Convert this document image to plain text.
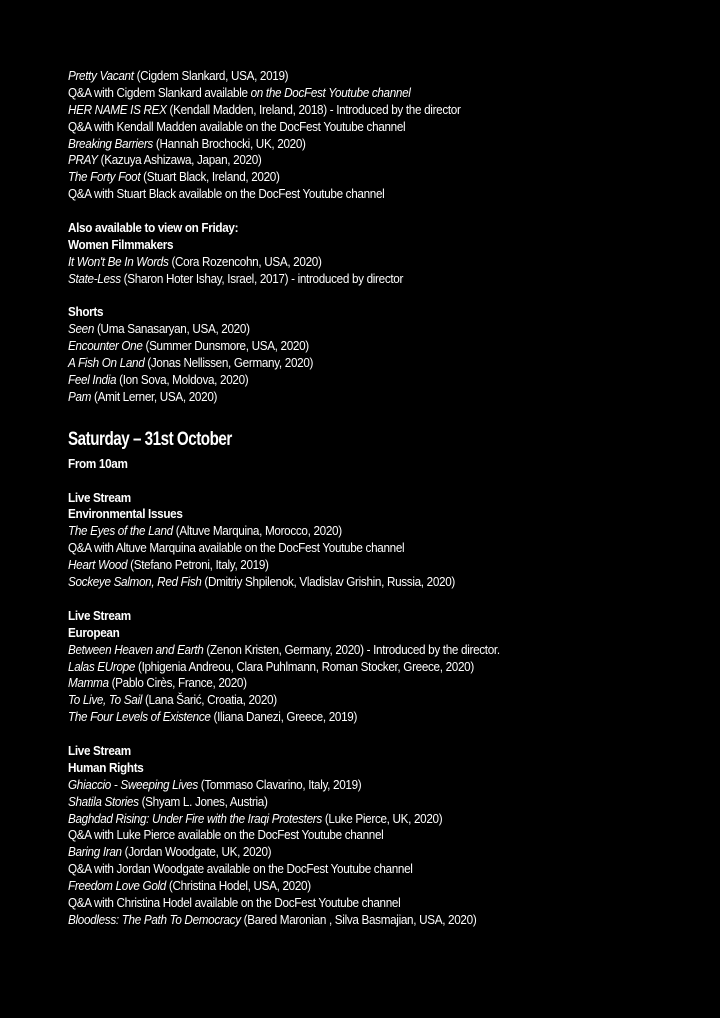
Pretty Vacant (Cigdem Slankard, USA, 2019)
Q&A with Cigdem Slankard available on the DocFest Youtube channel
HER NAME IS REX (Kendall Madden, Ireland, 2018) - Introduced by the director
Q&A with Kendall Madden available on the DocFest Youtube channel
Breaking Barriers (Hannah Brochocki, UK, 2020)
PRAY (Kazuya Ashizawa, Japan, 2020)
The Forty Foot (Stuart Black, Ireland, 2020)
Q&A with Stuart Black available on the DocFest Youtube channel
Also available to view on Friday:
Women Filmmakers
It Won't Be In Words (Cora Rozencohn, USA, 2020)
State-Less (Sharon Hoter Ishay, Israel, 2017) - introduced by director
Shorts
Seen (Uma Sanasaryan, USA, 2020)
Encounter One (Summer Dunsmore, USA, 2020)
A Fish On Land (Jonas Nellissen, Germany, 2020)
Feel India (Ion Sova, Moldova, 2020)
Pam (Amit Lerner, USA, 2020)
Saturday – 31st October
From 10am
Live Stream
Environmental Issues
The Eyes of the Land (Altuve Marquina, Morocco, 2020)
Q&A with Altuve Marquina available on the DocFest Youtube channel
Heart Wood (Stefano Petroni, Italy, 2019)
Sockeye Salmon, Red Fish (Dmitriy Shpilenok, Vladislav Grishin, Russia, 2020)
Live Stream
European
Between Heaven and Earth (Zenon Kristen, Germany, 2020) - Introduced by the director.
Lalas EUrope (Iphigenia Andreou, Clara Puhlmann, Roman Stocker, Greece, 2020)
Mamma (Pablo Cirès, France, 2020)
To Live, To Sail (Lana Šarić, Croatia, 2020)
The Four Levels of Existence (Iliana Danezi, Greece, 2019)
Live Stream
Human Rights
Ghiaccio - Sweeping Lives (Tommaso Clavarino, Italy, 2019)
Shatila Stories (Shyam L. Jones, Austria)
Baghdad Rising: Under Fire with the Iraqi Protesters (Luke Pierce, UK, 2020)
Q&A with Luke Pierce available on the DocFest Youtube channel
Baring Iran (Jordan Woodgate, UK, 2020)
Q&A with Jordan Woodgate available on the DocFest Youtube channel
Freedom Love Gold (Christina Hodel, USA, 2020)
Q&A with Christina Hodel available on the DocFest Youtube channel
Bloodless: The Path To Democracy (Bared Maronian , Silva Basmajian, USA, 2020)
